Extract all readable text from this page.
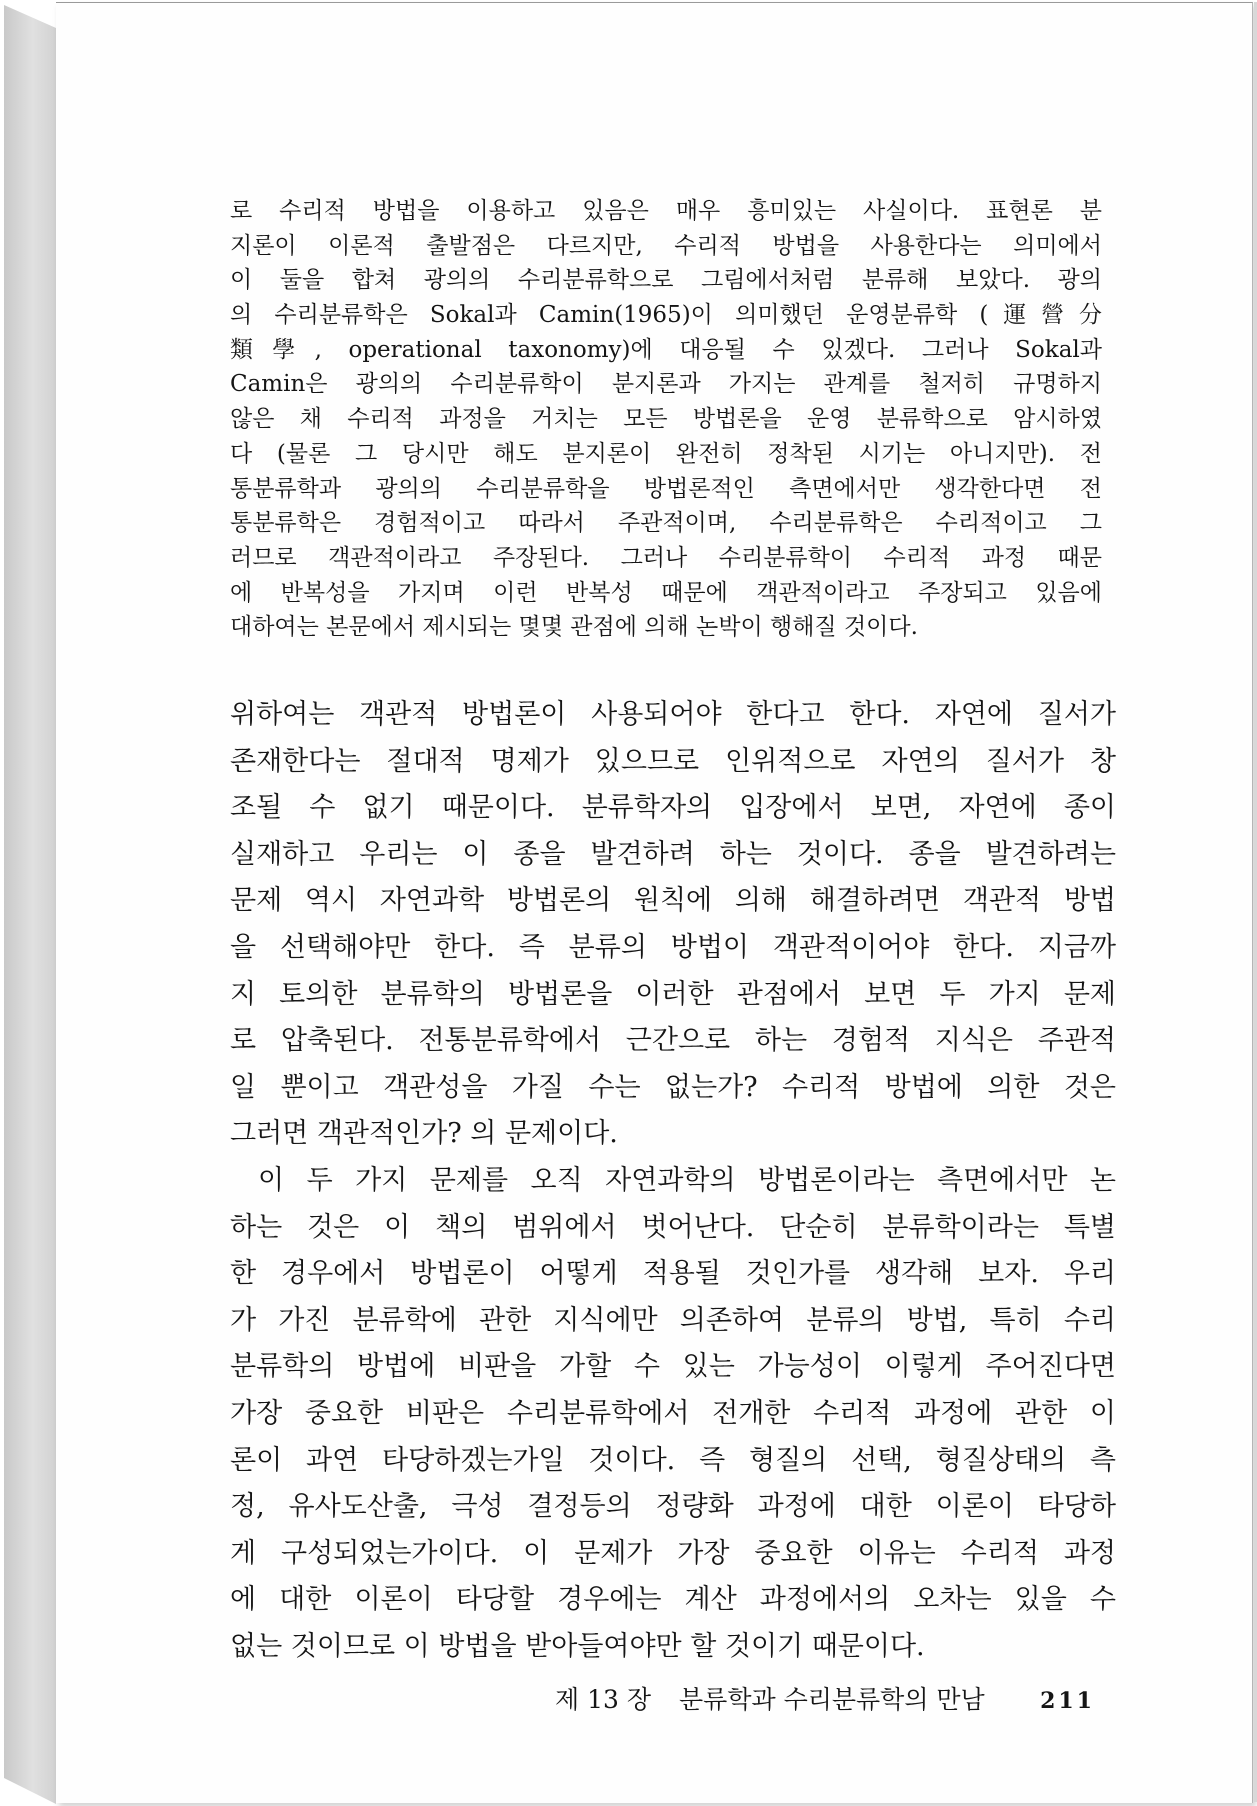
로 수리적 방법을 이용하고 있음은 매우 흥미있는 사실이다. 표현론 분
지론이 이론적 출발점은 다르지만, 수리적 방법을 사용한다는 의미에서
이 둘을 합쳐 광의의 수리분류학으로 그림에서처럼 분류해 보았다. 광의
의 수리분류학은 Sokal과 Camin(1965)이 의미했던 운영분류학 (運營分
類學, operational taxonomy)에 대응될 수 있겠다. 그러나 Sokal과
Camin은 광의의 수리분류학이 분지론과 가지는 관계를 철저히 규명하지
않은 채 수리적 과정을 거치는 모든 방법론을 운영 분류학으로 암시하였
다 (물론 그 당시만 해도 분지론이 완전히 정착된 시기는 아니지만). 전
통분류학과 광의의 수리분류학을 방법론적인 측면에서만 생각한다면 전
통분류학은 경험적이고 따라서 주관적이며, 수리분류학은 수리적이고 그
러므로 객관적이라고 주장된다. 그러나 수리분류학이 수리적 과정 때문
에 반복성을 가지며 이런 반복성 때문에 객관적이라고 주장되고 있음에
대하여는 본문에서 제시되는 몇몇 관점에 의해 논박이 행해질 것이다.
위하여는 객관적 방법론이 사용되어야 한다고 한다. 자연에 질서가
존재한다는 절대적 명제가 있으므로 인위적으로 자연의 질서가 창
조될 수 없기 때문이다. 분류학자의 입장에서 보면, 자연에 종이
실재하고 우리는 이 종을 발견하려 하는 것이다. 종을 발견하려는
문제 역시 자연과학 방법론의 원칙에 의해 해결하려면 객관적 방법
을 선택해야만 한다. 즉 분류의 방법이 객관적이어야 한다. 지금까
지 토의한 분류학의 방법론을 이러한 관점에서 보면 두 가지 문제
로 압축된다. 전통분류학에서 근간으로 하는 경험적 지식은 주관적
일 뿐이고 객관성을 가질 수는 없는가? 수리적 방법에 의한 것은
그러면 객관적인가? 의 문제이다.
이 두 가지 문제를 오직 자연과학의 방법론이라는 측면에서만 논
하는 것은 이 책의 범위에서 벗어난다. 단순히 분류학이라는 특별
한 경우에서 방법론이 어떻게 적용될 것인가를 생각해 보자. 우리
가 가진 분류학에 관한 지식에만 의존하여 분류의 방법, 특히 수리
분류학의 방법에 비판을 가할 수 있는 가능성이 이렇게 주어진다면
가장 중요한 비판은 수리분류학에서 전개한 수리적 과정에 관한 이
론이 과연 타당하겠는가일 것이다. 즉 형질의 선택, 형질상태의 측
정, 유사도산출, 극성 결정등의 정량화 과정에 대한 이론이 타당하
게 구성되었는가이다. 이 문제가 가장 중요한 이유는 수리적 과정
에 대한 이론이 타당할 경우에는 계산 과정에서의 오차는 있을 수
없는 것이므로 이 방법을 받아들여야만 할 것이기 때문이다.
제 13 장 분류학과 수리분류학의 만남	211
